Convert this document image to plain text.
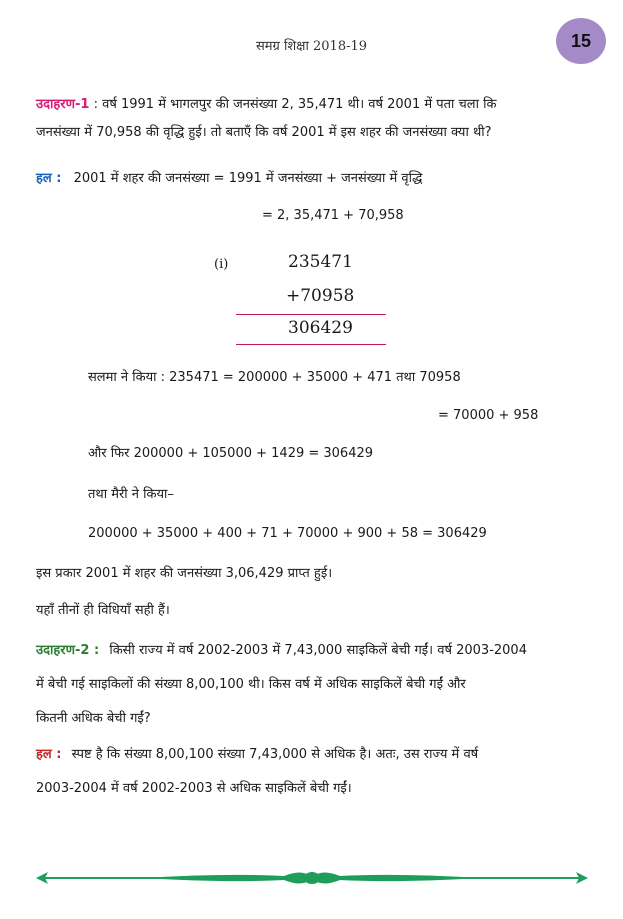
समग्र शिक्षा 2018-19	15
उदाहरण-1 : वर्ष 1991 में भागलपुर की जनसंख्या 2, 35,471 थी। वर्ष 2001 में पता चला कि
जनसंख्या में 70,958 की वृद्धि हुई। तो बताएँ कि वर्ष 2001 में इस शहर की जनसंख्या क्या थी?
हल : 2001 में शहर की जनसंख्या = 1991 में जनसंख्या + जनसंख्या में वृद्धि
= 2, 35,471 + 70,958
(i)	235471
+70958
306429
सलमा ने किया : 235471 = 200000 + 35000 + 471 तथा 70958
= 70000 + 958
और फिर 200000 + 105000 + 1429 = 306429
तथा मैरी ने किया–
200000 + 35000 + 400 + 71 + 70000 + 900 + 58 = 306429
इस प्रकार 2001 में शहर की जनसंख्या 3,06,429 प्राप्त हुई।
यहाँ तीनों ही विधियाँ सही हैं।
उदाहरण-2 : किसी राज्य में वर्ष 2002-2003 में 7,43,000 साइकिलें बेची गईं। वर्ष 2003-2004
में बेची गई साइकिलों की संख्या 8,00,100 थी। किस वर्ष में अधिक साइकिलें बेची गईं और
कितनी अधिक बेची गईं?
हल : स्पष्ट है कि संख्या 8,00,100 संख्या 7,43,000 से अधिक है। अतः, उस राज्य में वर्ष
2003-2004 में वर्ष 2002-2003 से अधिक साइकिलें बेची गईं।
